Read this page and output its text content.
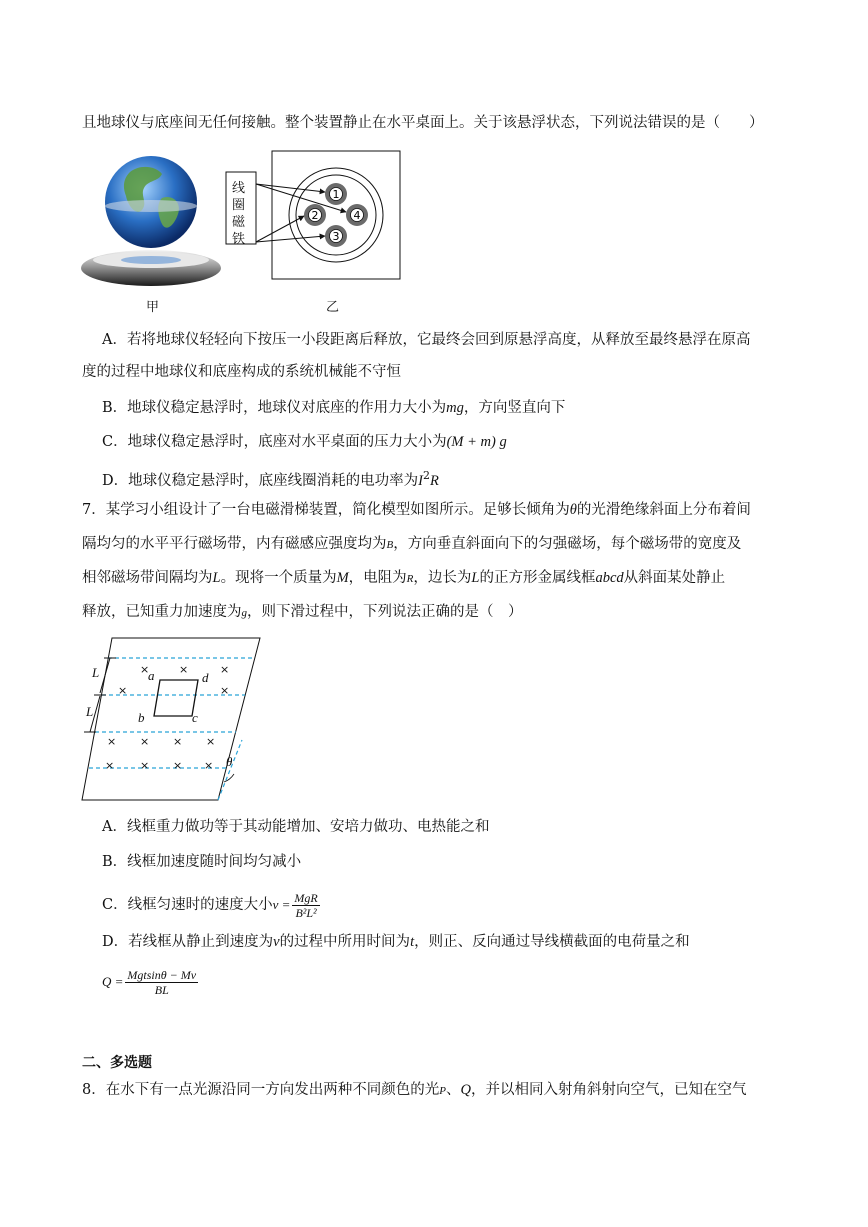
且地球仪与底座间无任何接触。整个装置静止在水平桌面上。关于该悬浮状态，下列说法错误的是（　　）
甲
1
2
3
4
线
圈
磁
铁
乙
A．若将地球仪轻轻向下按压一小段距离后释放，它最终会回到原悬浮高度，从释放至最终悬浮在原高
度的过程中地球仪和底座构成的系统机械能不守恒
B．地球仪稳定悬浮时，地球仪对底座的作用力大小为mg，方向竖直向下
C．地球仪稳定悬浮时，底座对水平桌面的压力大小为(M + m) g
D．地球仪稳定悬浮时，底座线圈消耗的电功率为$I^2R$
7．某学习小组设计了一台电磁滑梯装置，简化模型如图所示。足够长倾角为θ的光滑绝缘斜面上分布着间
隔均匀的水平平行磁场带，内有磁感应强度均为B，方向垂直斜面向下的匀强磁场，每个磁场带的宽度及
相邻磁场带间隔均为L。现将一个质量为M，电阻为R，边长为L的正方形金属线框abcd从斜面某处静止
释放，已知重力加速度为g，则下滑过程中，下列说法正确的是（　）
×	×	×
×	×
× × × ×
× × × ×
L
L
a	d
b	c
θ
A．线框重力做功等于其动能增加、安培力做功、电热能之和
B．线框加速度随时间均匀减小
C．线框匀速时的速度大小$v = \frac{\text{MgR}}{\text{B²L²}}$
D．若线框从静止到速度为v的过程中所用时间为t，则正、反向通过导线横截面的电荷量之和
$Q = \frac{\text{Mgtsinθ − Mv}}{BL}$
二、多选题
8．在水下有一点光源沿同一方向发出两种不同颜色的光P、Q，并以相同入射角斜射向空气，已知在空气
